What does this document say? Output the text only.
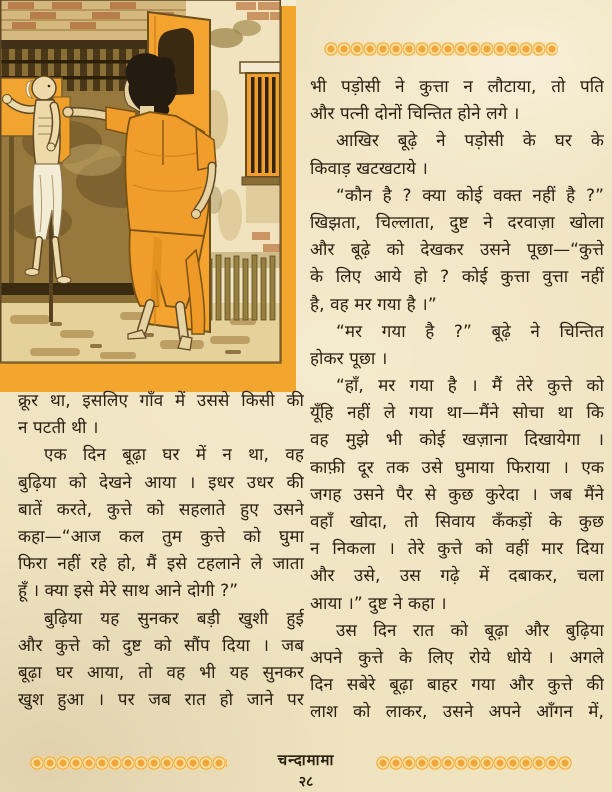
भी पड़ोसी ने कुत्ता न लौटाया, तो पति
और पत्नी दोनों चिन्तित होने लगे ।
आखिर बूढ़े ने पड़ोसी के घर के
किवाड़ खटखटाये ।
“कौन है ? क्या कोई वक्त नहीं है ?”
खिझता, चिल्लाता, दुष्ट ने दरवाज़ा खोला
और बूढ़े को देखकर उसने पूछा—“कुत्ते
के लिए आये हो ? कोई कुत्ता वुत्ता नहीं
है, वह मर गया है ।”
“मर गया है ?” बूढ़े ने चिन्तित
होकर पूछा ।
“हाँ, मर गया है । मैं तेरे कुत्ते को
यूँहि नहीं ले गया था—मैंने सोचा था कि
वह मुझे भी कोई खज़ाना दिखायेगा ।
काफ़ी दूर तक उसे घुमाया फिराया । एक
जगह उसने पैर से कुछ कुरेदा । जब मैंने
वहाँ खोदा, तो सिवाय कँकड़ों के कुछ
न निकला । तेरे कुत्ते को वहीं मार दिया
और उसे, उस गढ़े में दबाकर, चला
आया ।” दुष्ट ने कहा ।
उस दिन रात को बूढ़ा और बुढ़िया
अपने कुत्ते के लिए रोये धोये । अगले
दिन सबेरे बूढ़ा बाहर गया और कुत्ते की
लाश को लाकर, उसने अपने आँगन में,
क्रूर था, इसलिए गाँव में उससे किसी की
न पटती थी ।
एक दिन बूढ़ा घर में न था, वह
बुढ़िया को देखने आया । इधर उधर की
बातें करते, कुत्ते को सहलाते हुए उसने
कहा—“आज कल तुम कुत्ते को घुमा
फिरा नहीं रहे हो, मैं इसे टहलाने ले जाता
हूँ । क्या इसे मेरे साथ आने दोगी ?”
बुढ़िया यह सुनकर बड़ी खुशी हुई
और कुत्ते को दुष्ट को सौंप दिया । जब
बूढ़ा घर आया, तो वह भी यह सुनकर
खुश हुआ । पर जब रात हो जाने पर
चन्दामामा
२८
